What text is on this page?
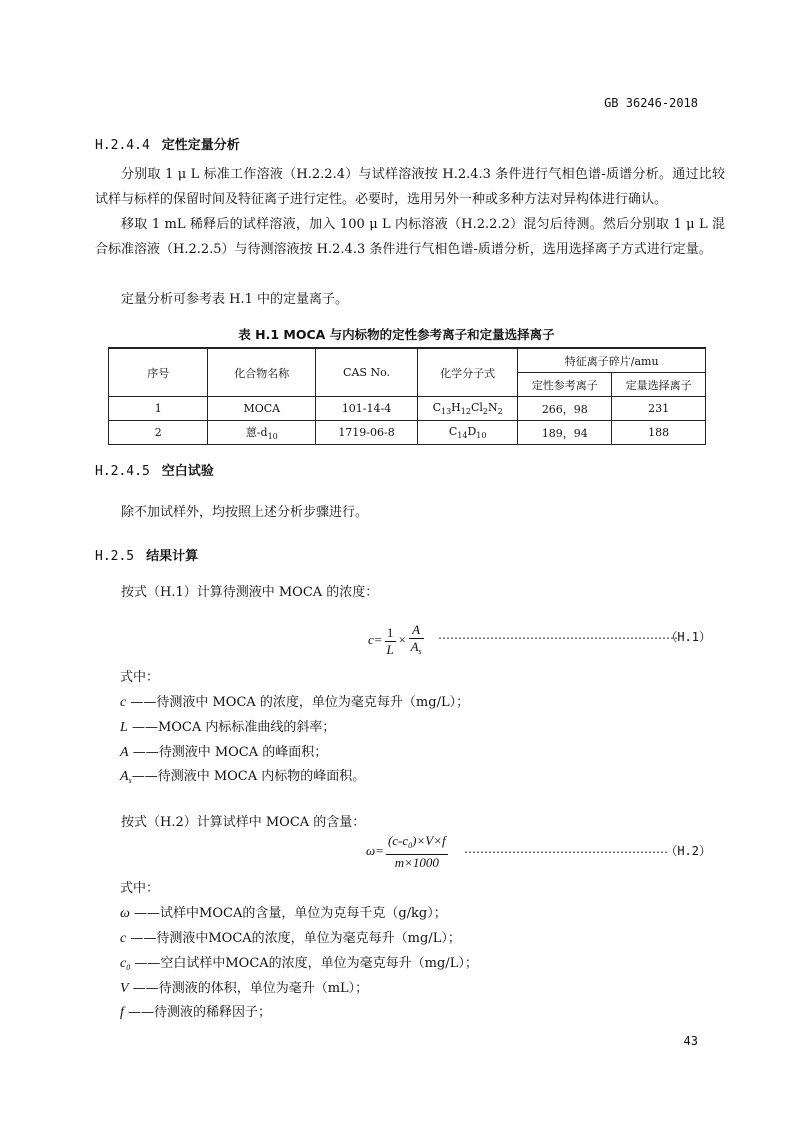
GB 36246-2018
H.2.4.4 定性定量分析
分别取 1 μ L 标准工作溶液（H.2.2.4）与试样溶液按 H.2.4.3 条件进行气相色谱-质谱分析。通过比较试样与标样的保留时间及特征离子进行定性。必要时，选用另外一种或多种方法对异构体进行确认。
移取 1 mL 稀释后的试样溶液，加入 100 μ L 内标溶液（H.2.2.2）混匀后待测。然后分别取 1 μ L 混合标准溶液（H.2.2.5）与待测溶液按 H.2.4.3 条件进行气相色谱-质谱分析，选用选择离子方式进行定量。
定量分析可参考表 H.1 中的定量离子。
表 H.1 MOCA 与内标物的定性参考离子和定量选择离子
序号	化合物名称	CAS No.	化学分子式	特征离子碎片/amu	
				定性参考离子	定量选择离子
1	MOCA	101-14-4	$C_{13}H_{12}Cl_2N_2$	266，98	231
2	蒽$-d_{10}$	1719-06-8	$C_{14}D_{10}$	189，94	188
H.2.4.5 空白试验
除不加试样外，均按照上述分析步骤进行。
H.2.5 结果计算
按式（H.1）计算待测液中 MOCA 的浓度：
$c= \frac{1}{L} \times \frac{A}{A_s}$ ……………………………………………………
（H.1）
式中：
c ——待测液中 MOCA 的浓度，单位为毫克每升（mg/L）；
L ——MOCA 内标标准曲线的斜率；
A ——待测液中 MOCA 的峰面积；
$A_s——$待测液中 MOCA 内标物的峰面积。
按式（H.2）计算试样中 MOCA 的含量：
$\omega= \frac{(c-c_0)\times V\times f}{m\times 1000}$ ……………………………………………
（H.2）
式中：
ω ——试样中MOCA的含量，单位为克每千克（g/kg）；
c ——待测液中MOCA的浓度，单位为毫克每升（mg/L）；
$c_0$ ——空白试样中MOCA的浓度，单位为毫克每升（mg/L）；
V ——待测液的体积，单位为毫升（mL）；
f ——待测液的稀释因子；
43
